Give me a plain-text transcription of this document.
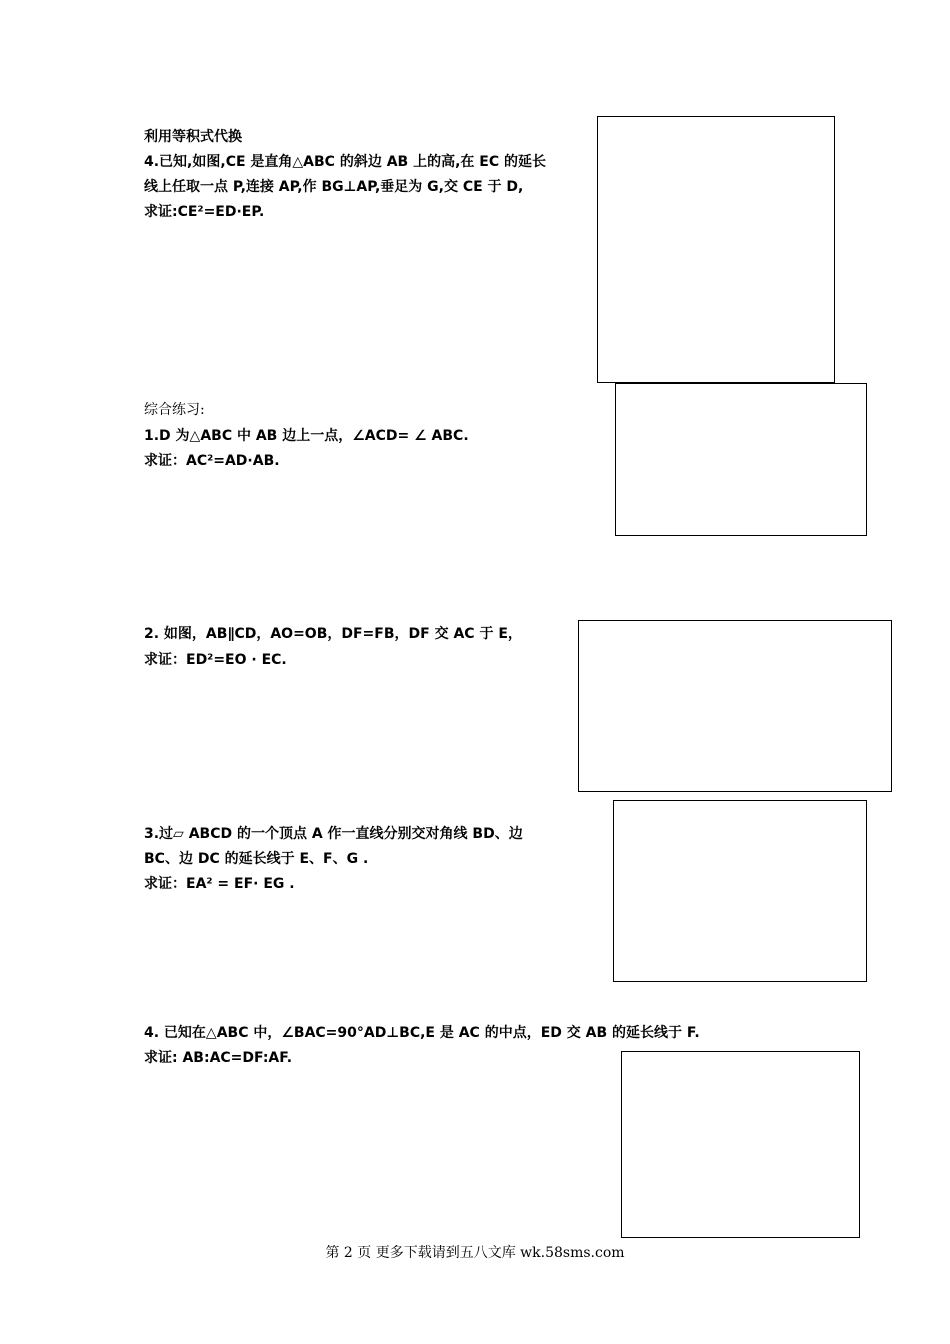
利用等积式代换

4.已知,如图,CE 是直角△ABC 的斜边 AB 上的高,在 EC 的延长

线上任取一点 P,连接 AP,作 BG⊥AP,垂足为 G,交 CE 于 D,

求证:CE²=ED·EP.

综合练习:

1.D 为△ABC 中 AB 边上一点，∠ACD= ∠ ABC.

求证：AC²=AD·AB.

2. 如图，AB∥CD，AO=OB，DF=FB，DF 交 AC 于 E，

求证：ED²=EO · EC.

3.过▱ ABCD 的一个顶点 A 作一直线分别交对角线 BD、边

BC、边 DC 的延长线于 E、F、G .

求证：EA² = EF· EG .

4. 已知在△ABC 中，∠BAC=90°AD⊥BC,E 是 AC 的中点，ED 交 AB 的延长线于 F.

求证: AB:AC=DF:AF.

第 2 页 更多下载请到五八文库 wk.58sms.com
